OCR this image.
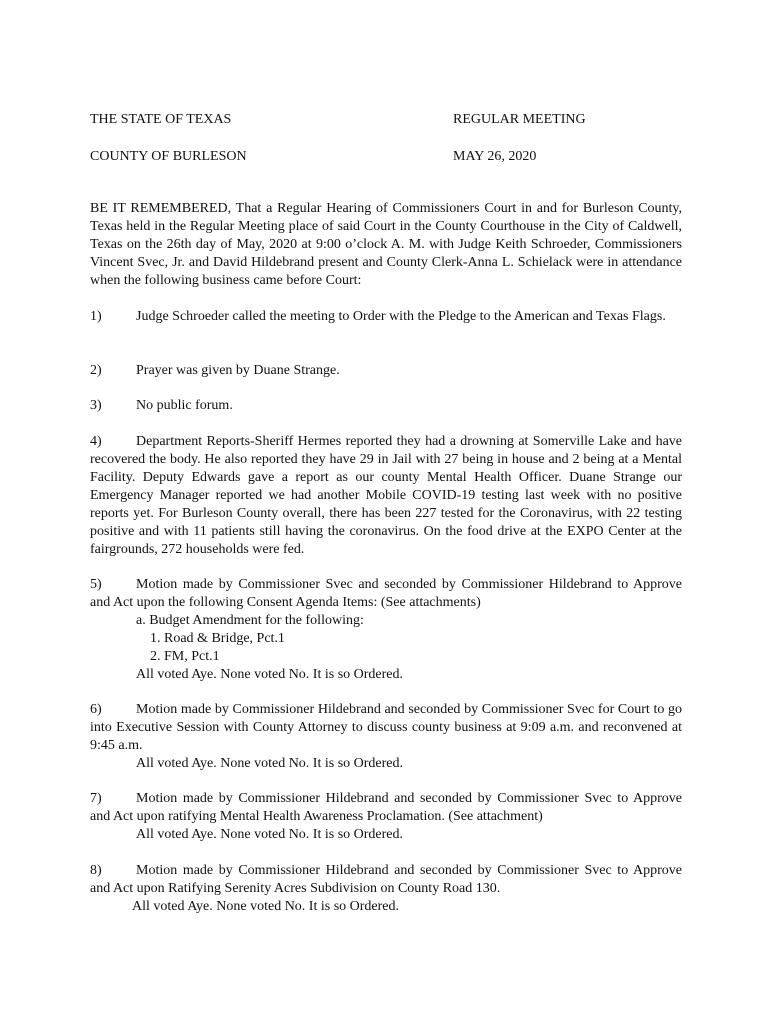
THE STATE OF TEXAS	REGULAR MEETING
COUNTY OF BURLESON	MAY 26, 2020
BE IT REMEMBERED, That a Regular Hearing of Commissioners Court in and for Burleson County, Texas held in the Regular Meeting place of said Court in the County Courthouse in the City of Caldwell, Texas on the 26th day of May, 2020 at 9:00 o’clock A. M. with Judge Keith Schroeder, Commissioners Vincent Svec, Jr. and David Hildebrand present and County Clerk-Anna L. Schielack were in attendance when the following business came before Court:
1) Judge Schroeder called the meeting to Order with the Pledge to the American and Texas Flags.
2) Prayer was given by Duane Strange.
3) No public forum.
4) Department Reports-Sheriff Hermes reported they had a drowning at Somerville Lake and have recovered the body. He also reported they have 29 in Jail with 27 being in house and 2 being at a Mental Facility. Deputy Edwards gave a report as our county Mental Health Officer. Duane Strange our Emergency Manager reported we had another Mobile COVID-19 testing last week with no positive reports yet. For Burleson County overall, there has been 227 tested for the Coronavirus, with 22 testing positive and with 11 patients still having the coronavirus. On the food drive at the EXPO Center at the fairgrounds, 272 households were fed.
5) Motion made by Commissioner Svec and seconded by Commissioner Hildebrand to Approve and Act upon the following Consent Agenda Items: (See attachments)
a. Budget Amendment for the following:
1. Road & Bridge, Pct.1
2. FM, Pct.1
All voted Aye. None voted No. It is so Ordered.
6) Motion made by Commissioner Hildebrand and seconded by Commissioner Svec for Court to go into Executive Session with County Attorney to discuss county business at 9:09 a.m. and reconvened at 9:45 a.m.
All voted Aye. None voted No. It is so Ordered.
7) Motion made by Commissioner Hildebrand and seconded by Commissioner Svec to Approve and Act upon ratifying Mental Health Awareness Proclamation. (See attachment)
All voted Aye. None voted No. It is so Ordered.
8) Motion made by Commissioner Hildebrand and seconded by Commissioner Svec to Approve and Act upon Ratifying Serenity Acres Subdivision on County Road 130.
All voted Aye. None voted No. It is so Ordered.
